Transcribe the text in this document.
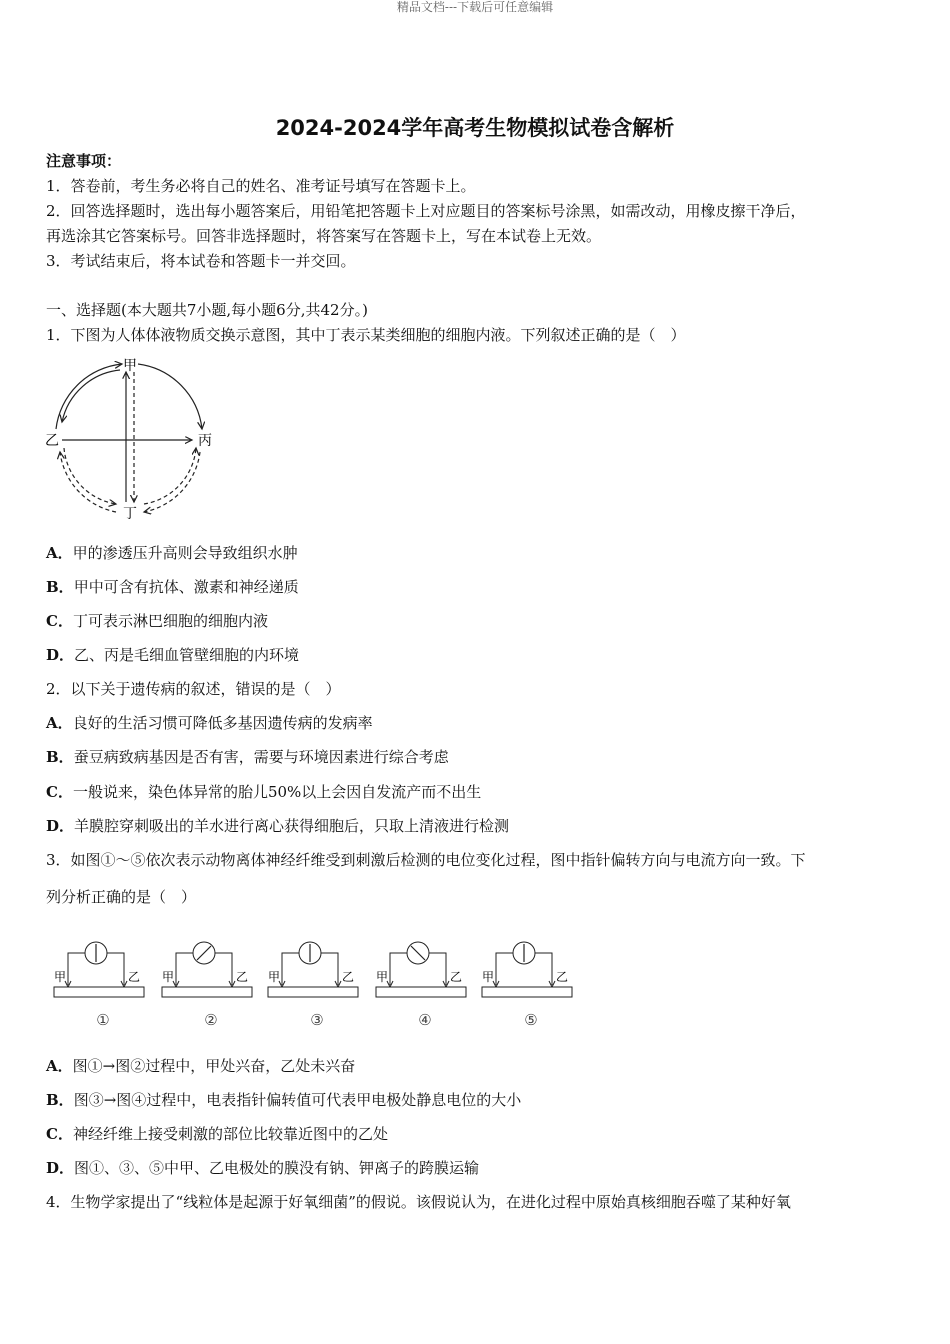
精品文档---下载后可任意编辑
2024-2024学年高考生物模拟试卷含解析
注意事项：
1．答卷前，考生务必将自己的姓名、准考证号填写在答题卡上。
2．回答选择题时，选出每小题答案后，用铅笔把答题卡上对应题目的答案标号涂黑，如需改动，用橡皮擦干净后，
再选涂其它答案标号。回答非选择题时，将答案写在答题卡上，写在本试卷上无效。
3．考试结束后，将本试卷和答题卡一并交回。
一、选择题(本大题共7小题,每小题6分,共42分。)
1．下图为人体体液物质交换示意图，其中丁表示某类细胞的细胞内液。下列叙述正确的是（　）
甲
乙	丙
丁
A．甲的渗透压升高则会导致组织水肿
B．甲中可含有抗体、激素和神经递质
C．丁可表示淋巴细胞的细胞内液
D．乙、丙是毛细血管壁细胞的内环境
2．以下关于遗传病的叙述，错误的是（　）
A．良好的生活习惯可降低多基因遗传病的发病率
B．蚕豆病致病基因是否有害，需要与环境因素进行综合考虑
C．一般说来，染色体异常的胎儿50%以上会因自发流产而不出生
D．羊膜腔穿刺吸出的羊水进行离心获得细胞后，只取上清液进行检测
3．如图①～⑤依次表示动物离体神经纤维受到刺激后检测的电位变化过程，图中指针偏转方向与电流方向一致。下
列分析正确的是（　）
甲	乙
①
甲	乙
②
甲	乙
③
甲	乙
④
甲	乙
⑤
A．图①→图②过程中，甲处兴奋，乙处未兴奋
B．图③→图④过程中，电表指针偏转值可代表甲电极处静息电位的大小
C．神经纤维上接受刺激的部位比较靠近图中的乙处
D．图①、③、⑤中甲、乙电极处的膜没有钠、钾离子的跨膜运输
4．生物学家提出了“线粒体是起源于好氧细菌”的假说。该假说认为，在进化过程中原始真核细胞吞噬了某种好氧
